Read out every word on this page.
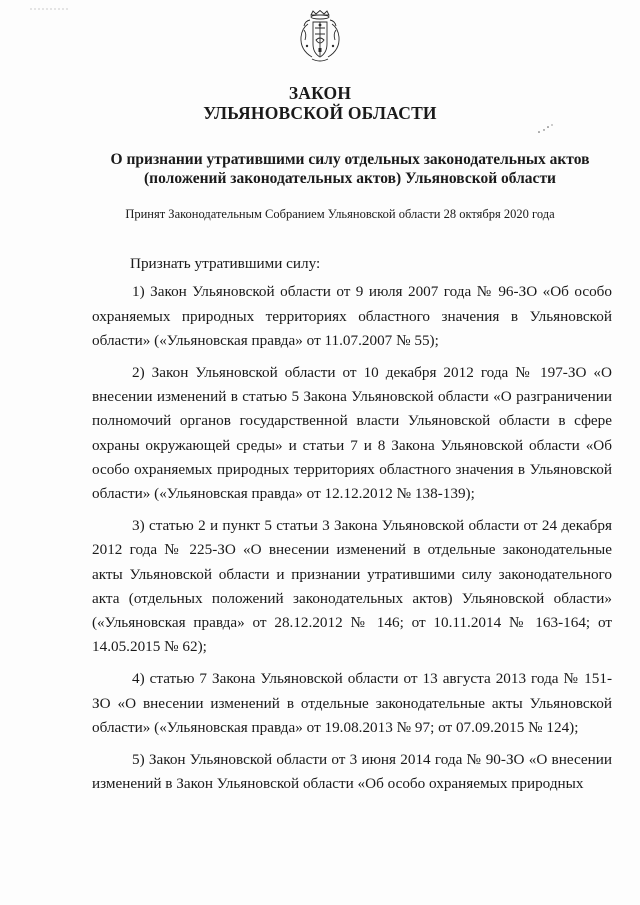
ЗАКОН
УЛЬЯНОВСКОЙ ОБЛАСТИ
О признании утратившими силу отдельных законодательных актов (положений законодательных актов) Ульяновской области
Принят Законодательным Собранием Ульяновской области 28 октября 2020 года

Признать утратившими силу:

1) Закон Ульяновской области от 9 июля 2007 года № 96-ЗО «Об особо охраняемых природных территориях областного значения в Ульяновской области» («Ульяновская правда» от 11.07.2007 № 55);

2) Закон Ульяновской области от 10 декабря 2012 года № 197-ЗО «О внесении изменений в статью 5 Закона Ульяновской области «О разграничении полномочий органов государственной власти Ульяновской области в сфере охраны окружающей среды» и статьи 7 и 8 Закона Ульяновской области «Об особо охраняемых природных территориях областного значения в Ульяновской области» («Ульяновская правда» от 12.12.2012 № 138-139);

3) статью 2 и пункт 5 статьи 3 Закона Ульяновской области от 24 декабря 2012 года № 225-ЗО «О внесении изменений в отдельные законодательные акты Ульяновской области и признании утратившими силу законодательного акта (отдельных положений законодательных актов) Ульяновской области» («Ульяновская правда» от 28.12.2012 № 146; от 10.11.2014 № 163-164; от 14.05.2015 № 62);

4) статью 7 Закона Ульяновской области от 13 августа 2013 года № 151-ЗО «О внесении изменений в отдельные законодательные акты Ульяновской области» («Ульяновская правда» от 19.08.2013 № 97; от 07.09.2015 № 124);

5) Закон Ульяновской области от 3 июня 2014 года № 90-ЗО «О внесении изменений в Закон Ульяновской области «Об особо охраняемых природных
